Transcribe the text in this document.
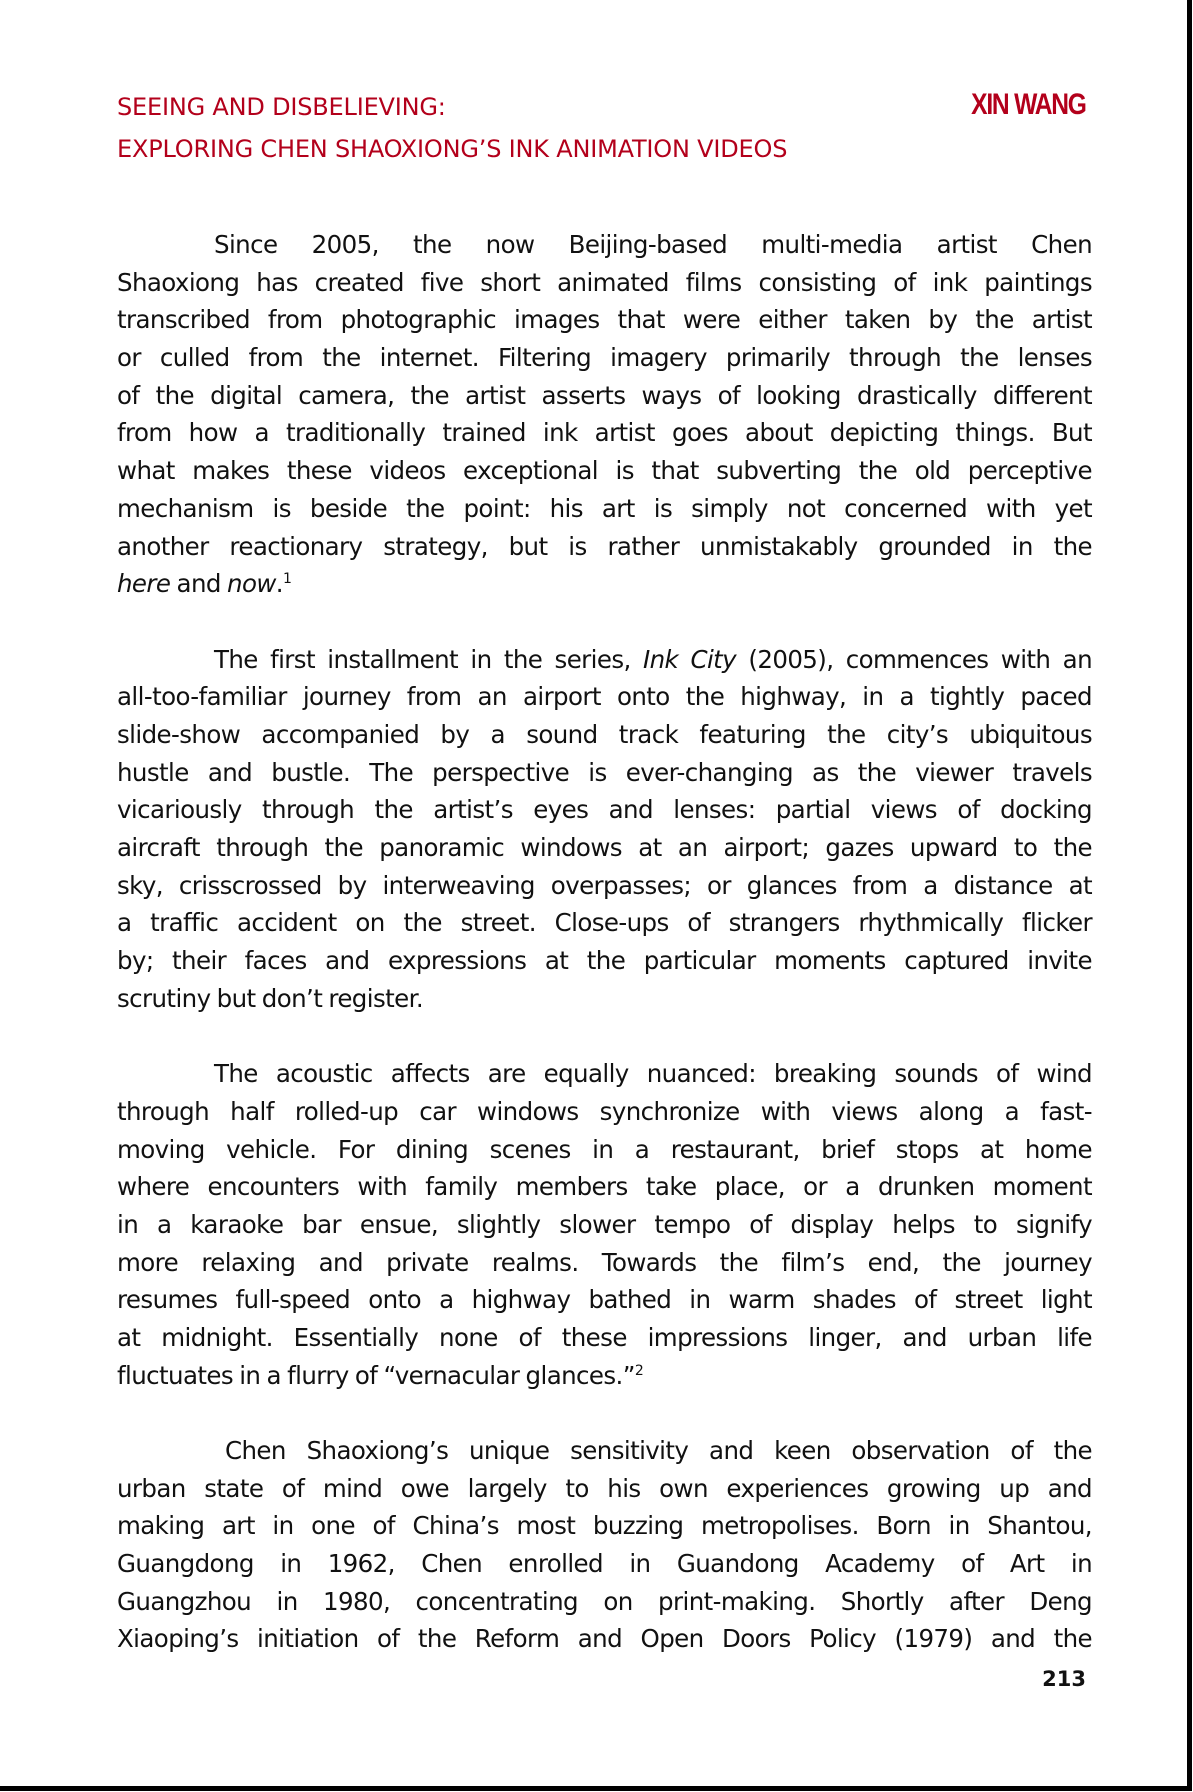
SEEING AND DISBELIEVING:
EXPLORING CHEN SHAOXIONG’S INK ANIMATION VIDEOS
XIN WANG
Since 2005, the now Beijing-based multi-media artist Chen
Shaoxiong has created five short animated films consisting of ink paintings
transcribed from photographic images that were either taken by the artist
or culled from the internet. Filtering imagery primarily through the lenses
of the digital camera, the artist asserts ways of looking drastically different
from how a traditionally trained ink artist goes about depicting things. But
what makes these videos exceptional is that subverting the old perceptive
mechanism is beside the point: his art is simply not concerned with yet
another reactionary strategy, but is rather unmistakably grounded in the
here and now.$^1$
The first installment in the series, Ink City (2005), commences with an
all-too-familiar journey from an airport onto the highway, in a tightly paced
slide-show accompanied by a sound track featuring the city’s ubiquitous
hustle and bustle. The perspective is ever-changing as the viewer travels
vicariously through the artist’s eyes and lenses: partial views of docking
aircraft through the panoramic windows at an airport; gazes upward to the
sky, crisscrossed by interweaving overpasses; or glances from a distance at
a traffic accident on the street. Close-ups of strangers rhythmically flicker
by; their faces and expressions at the particular moments captured invite
scrutiny but don’t register.
The acoustic affects are equally nuanced: breaking sounds of wind
through half rolled-up car windows synchronize with views along a fast-
moving vehicle. For dining scenes in a restaurant, brief stops at home
where encounters with family members take place, or a drunken moment
in a karaoke bar ensue, slightly slower tempo of display helps to signify
more relaxing and private realms. Towards the film’s end, the journey
resumes full-speed onto a highway bathed in warm shades of street light
at midnight. Essentially none of these impressions linger, and urban life
fluctuates in a flurry of “vernacular glances.”$^2$
Chen Shaoxiong’s unique sensitivity and keen observation of the
urban state of mind owe largely to his own experiences growing up and
making art in one of China’s most buzzing metropolises. Born in Shantou,
Guangdong in 1962, Chen enrolled in Guandong Academy of Art in
Guangzhou in 1980, concentrating on print-making. Shortly after Deng
Xiaoping’s initiation of the Reform and Open Doors Policy (1979) and the
213
